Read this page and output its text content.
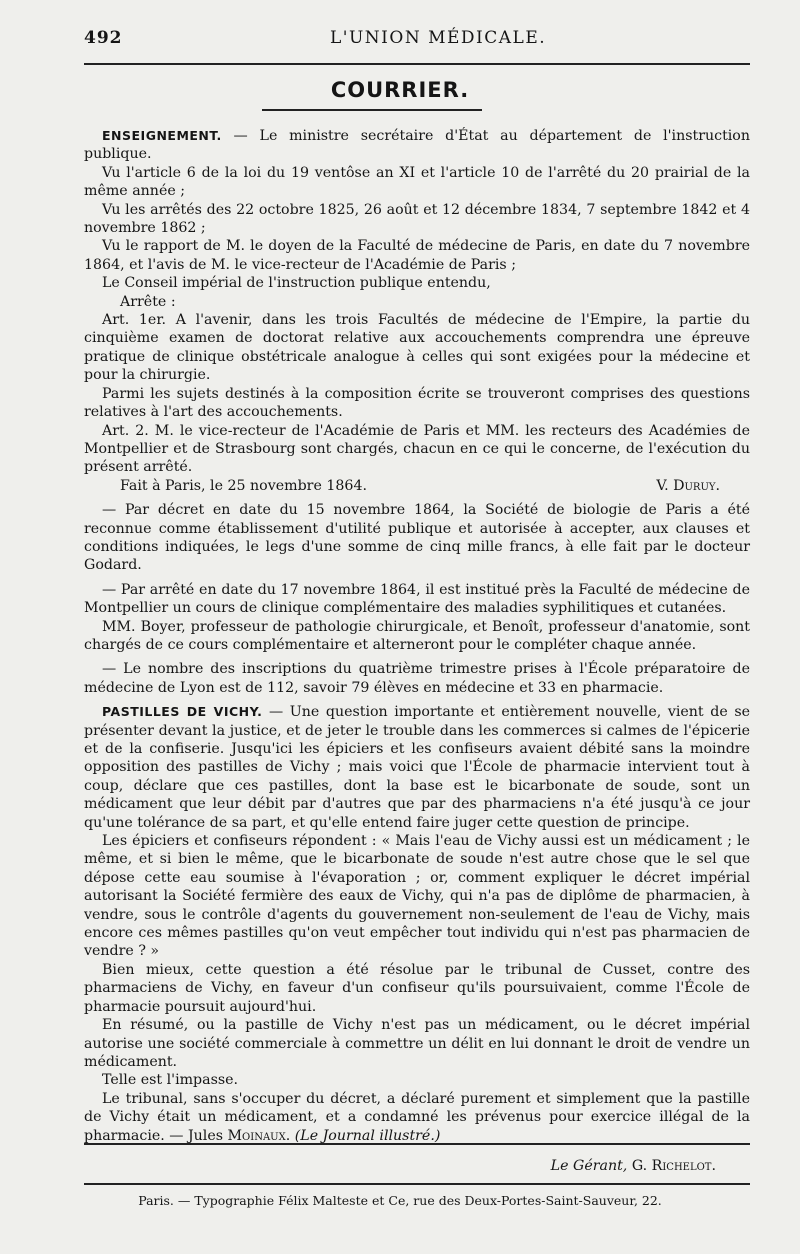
492	L'UNION MÉDICALE.
COURRIER.

ENSEIGNEMENT. — Le ministre secrétaire d'État au département de l'instruction publique.

Vu l'article 6 de la loi du 19 ventôse an XI et l'article 10 de l'arrêté du 20 prairial de la même année ;

Vu les arrêtés des 22 octobre 1825, 26 août et 12 décembre 1834, 7 septembre 1842 et 4 novembre 1862 ;

Vu le rapport de M. le doyen de la Faculté de médecine de Paris, en date du 7 novembre 1864, et l'avis de M. le vice-recteur de l'Académie de Paris ;

Le Conseil impérial de l'instruction publique entendu,

Arrête :

Art. 1er. A l'avenir, dans les trois Facultés de médecine de l'Empire, la partie du cinquième examen de doctorat relative aux accouchements comprendra une épreuve pratique de clinique obstétricale analogue à celles qui sont exigées pour la médecine et pour la chirurgie.

Parmi les sujets destinés à la composition écrite se trouveront comprises des questions relatives à l'art des accouchements.

Art. 2. M. le vice-recteur de l'Académie de Paris et MM. les recteurs des Académies de Montpellier et de Strasbourg sont chargés, chacun en ce qui le concerne, de l'exécution du présent arrêté.

Fait à Paris, le 25 novembre 1864.	V. Duruy.

— Par décret en date du 15 novembre 1864, la Société de biologie de Paris a été reconnue comme établissement d'utilité publique et autorisée à accepter, aux clauses et conditions indiquées, le legs d'une somme de cinq mille francs, à elle fait par le docteur Godard.

— Par arrêté en date du 17 novembre 1864, il est institué près la Faculté de médecine de Montpellier un cours de clinique complémentaire des maladies syphilitiques et cutanées.

MM. Boyer, professeur de pathologie chirurgicale, et Benoît, professeur d'anatomie, sont chargés de ce cours complémentaire et alterneront pour le compléter chaque année.

— Le nombre des inscriptions du quatrième trimestre prises à l'École préparatoire de médecine de Lyon est de 112, savoir 79 élèves en médecine et 33 en pharmacie.

PASTILLES DE VICHY. — Une question importante et entièrement nouvelle, vient de se présenter devant la justice, et de jeter le trouble dans les commerces si calmes de l'épicerie et de la confiserie. Jusqu'ici les épiciers et les confiseurs avaient débité sans la moindre opposition des pastilles de Vichy ; mais voici que l'École de pharmacie intervient tout à coup, déclare que ces pastilles, dont la base est le bicarbonate de soude, sont un médicament que leur débit par d'autres que par des pharmaciens n'a été jusqu'à ce jour qu'une tolérance de sa part, et qu'elle entend faire juger cette question de principe.

Les épiciers et confiseurs répondent : « Mais l'eau de Vichy aussi est un médicament ; le même, et si bien le même, que le bicarbonate de soude n'est autre chose que le sel que dépose cette eau soumise à l'évaporation ; or, comment expliquer le décret impérial autorisant la Société fermière des eaux de Vichy, qui n'a pas de diplôme de pharmacien, à vendre, sous le contrôle d'agents du gouvernement non-seulement de l'eau de Vichy, mais encore ces mêmes pastilles qu'on veut empêcher tout individu qui n'est pas pharmacien de vendre ? »

Bien mieux, cette question a été résolue par le tribunal de Cusset, contre des pharmaciens de Vichy, en faveur d'un confiseur qu'ils poursuivaient, comme l'École de pharmacie poursuit aujourd'hui.

En résumé, ou la pastille de Vichy n'est pas un médicament, ou le décret impérial autorise une société commerciale à commettre un délit en lui donnant le droit de vendre un médicament.

Telle est l'impasse.

Le tribunal, sans s'occuper du décret, a déclaré purement et simplement que la pastille de Vichy était un médicament, et a condamné les prévenus pour exercice illégal de la pharmacie. — Jules Moinaux. (Le Journal illustré.)

Le Gérant, G. Richelot.
Paris. — Typographie Félix Malteste et Ce, rue des Deux-Portes-Saint-Sauveur, 22.
